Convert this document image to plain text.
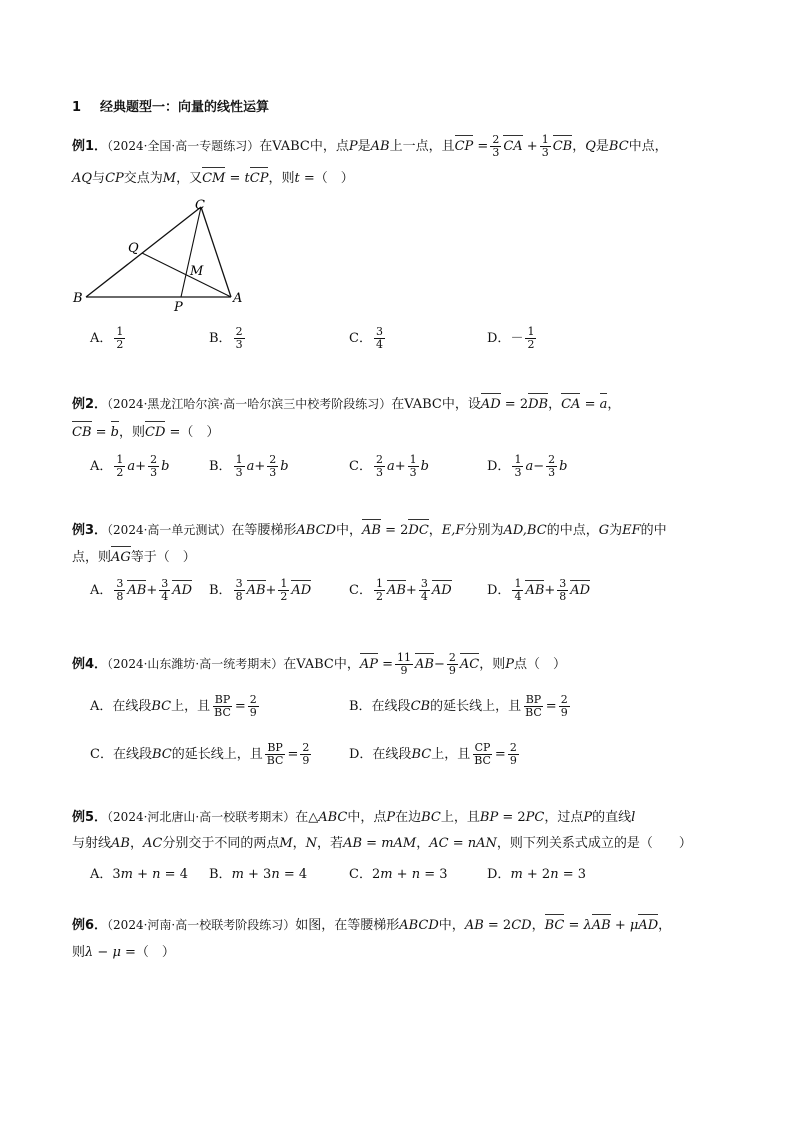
1 经典题型一：向量的线性运算
例1．（2024·全国·高一专题练习）在VABC中，点P是AB上一点，且CP = $\frac{2}{3}$ CA + $\frac{1}{3}$ CB，Q是BC中点，
AQ与CP交点为M，又CM = tCP，则t =（　）
C
Q
M
B
P
A
A． $\frac{1}{2}$	B． $\frac{2}{3}$	C． $\frac{3}{4}$	D．－ $\frac{1}{2}$
例2．（2024·黑龙江哈尔滨·高一哈尔滨三中校考阶段练习）在VABC中，设AD = 2DB，CA = a，
CB = b，则CD =（　）
A． $\frac{1}{2} a+ \frac{2}{3}$ b	B． $\frac{1}{3} a+ \frac{2}{3}$ b	C． $\frac{2}{3} a+ \frac{1}{3}$ b	D． $\frac{1}{3} a- \frac{2}{3}$ b
例3．（2024·高一单元测试）在等腰梯形ABCD中，AB = 2DC，E,F分别为AD,BC的中点，G为EF的中
点，则AG等于（　）
A． $\frac{3}{8} AB+ \frac{3}{4}$ AD B． $\frac{3}{8} AB+ \frac{1}{2}$ AD	C． $\frac{1}{2} AB+ \frac{3}{4}$ AD	D． $\frac{1}{4} AB+ \frac{3}{8}$ AD
例4．（2024·山东潍坊·高一统考期末）在VABC中，AP = $\frac{11}{9} AB- \frac{2}{9}$ AC，则P点（　）
A．在线段BC上，且 $\frac{BP}{BC} = \frac{2}{9}$	B．在线段CB的延长线上，且 $\frac{BP}{BC} = \frac{2}{9}$
C．在线段BC的延长线上，且 $\frac{BP}{BC} = \frac{2}{9}$	D．在线段BC上，且 $\frac{CP}{BC} = \frac{2}{9}$
例5．（2024·河北唐山·高一校联考期末）在△ABC中，点P在边BC上，且BP = 2PC，过点P的直线l
与射线AB，AC分别交于不同的两点M，N，若AB = mAM，AC = nAN，则下列关系式成立的是（　　）
A．3m + n = 4 B．m + 3n = 4	C．2m + n = 3	D．m + 2n = 3
例6．（2024·河南·高一校联考阶段练习）如图，在等腰梯形ABCD中，AB = 2CD，BC = λAB + μAD，
则λ − μ =（　）
